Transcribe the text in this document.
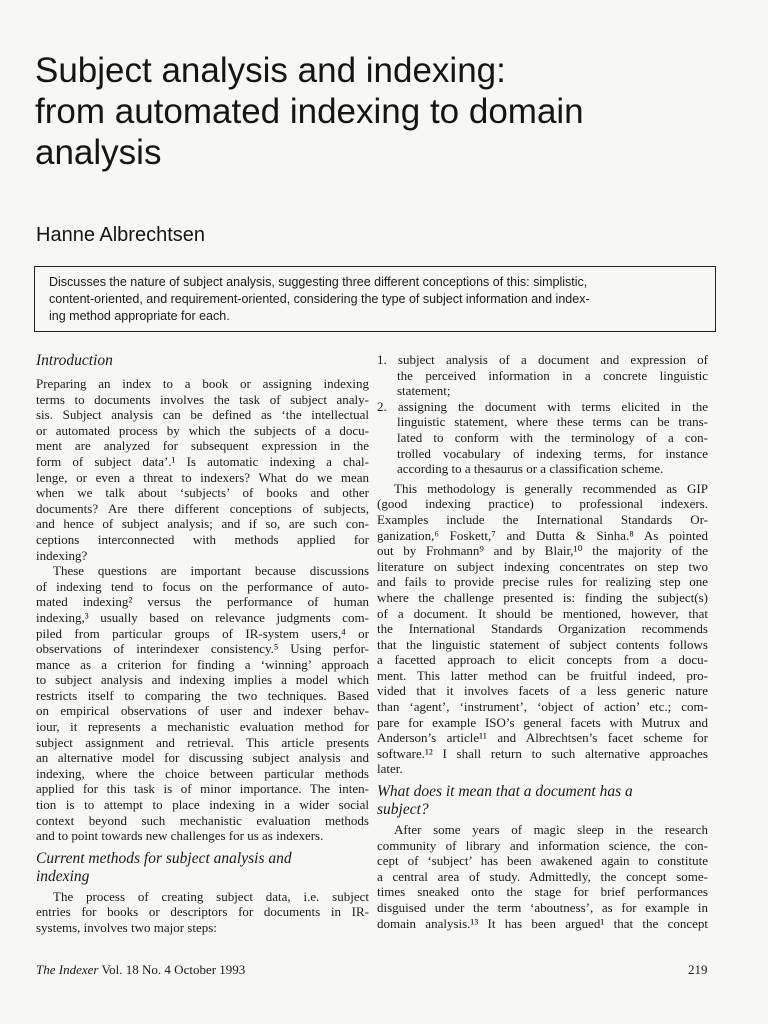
Subject analysis and indexing:
from automated indexing to domain
analysis
Hanne Albrechtsen
Discusses the nature of subject analysis, suggesting three different conceptions of this: simplistic,
content-oriented, and requirement-oriented, considering the type of subject information and index-
ing method appropriate for each.
Introduction
Preparing an index to a book or assigning indexing
terms to documents involves the task of subject analy-
sis. Subject analysis can be defined as ‘the intellectual
or automated process by which the subjects of a docu-
ment are analyzed for subsequent expression in the
form of subject data’.¹ Is automatic indexing a chal-
lenge, or even a threat to indexers? What do we mean
when we talk about ‘subjects’ of books and other
documents? Are there different conceptions of subjects,
and hence of subject analysis; and if so, are such con-
ceptions interconnected with methods applied for
indexing?
These questions are important because discussions
of indexing tend to focus on the performance of auto-
mated indexing² versus the performance of human
indexing,³ usually based on relevance judgments com-
piled from particular groups of IR-system users,⁴ or
observations of interindexer consistency.⁵ Using perfor-
mance as a criterion for finding a ‘winning’ approach
to subject analysis and indexing implies a model which
restricts itself to comparing the two techniques. Based
on empirical observations of user and indexer behav-
iour, it represents a mechanistic evaluation method for
subject assignment and retrieval. This article presents
an alternative model for discussing subject analysis and
indexing, where the choice between particular methods
applied for this task is of minor importance. The inten-
tion is to attempt to place indexing in a wider social
context beyond such mechanistic evaluation methods
and to point towards new challenges for us as indexers.
Current methods for subject analysis and
indexing
The process of creating subject data, i.e. subject
entries for books or descriptors for documents in IR-
systems, involves two major steps:
1. subject analysis of a document and expression of
the perceived information in a concrete linguistic
statement;
2. assigning the document with terms elicited in the
linguistic statement, where these terms can be trans-
lated to conform with the terminology of a con-
trolled vocabulary of indexing terms, for instance
according to a thesaurus or a classification scheme.
This methodology is generally recommended as GIP
(good indexing practice) to professional indexers.
Examples include the International Standards Or-
ganization,⁶ Foskett,⁷ and Dutta & Sinha.⁸ As pointed
out by Frohmann⁹ and by Blair,¹⁰ the majority of the
literature on subject indexing concentrates on step two
and fails to provide precise rules for realizing step one
where the challenge presented is: finding the subject(s)
of a document. It should be mentioned, however, that
the International Standards Organization recommends
that the linguistic statement of subject contents follows
a facetted approach to elicit concepts from a docu-
ment. This latter method can be fruitful indeed, pro-
vided that it involves facets of a less generic nature
than ‘agent’, ‘instrument’, ‘object of action’ etc.; com-
pare for example ISO’s general facets with Mutrux and
Anderson’s article¹¹ and Albrechtsen’s facet scheme for
software.¹² I shall return to such alternative approaches
later.
What does it mean that a document has a
subject?
After some years of magic sleep in the research
community of library and information science, the con-
cept of ‘subject’ has been awakened again to constitute
a central area of study. Admittedly, the concept some-
times sneaked onto the stage for brief performances
disguised under the term ‘aboutness’, as for example in
domain analysis.¹³ It has been argued¹ that the concept
The Indexer Vol. 18 No. 4 October 1993	219
